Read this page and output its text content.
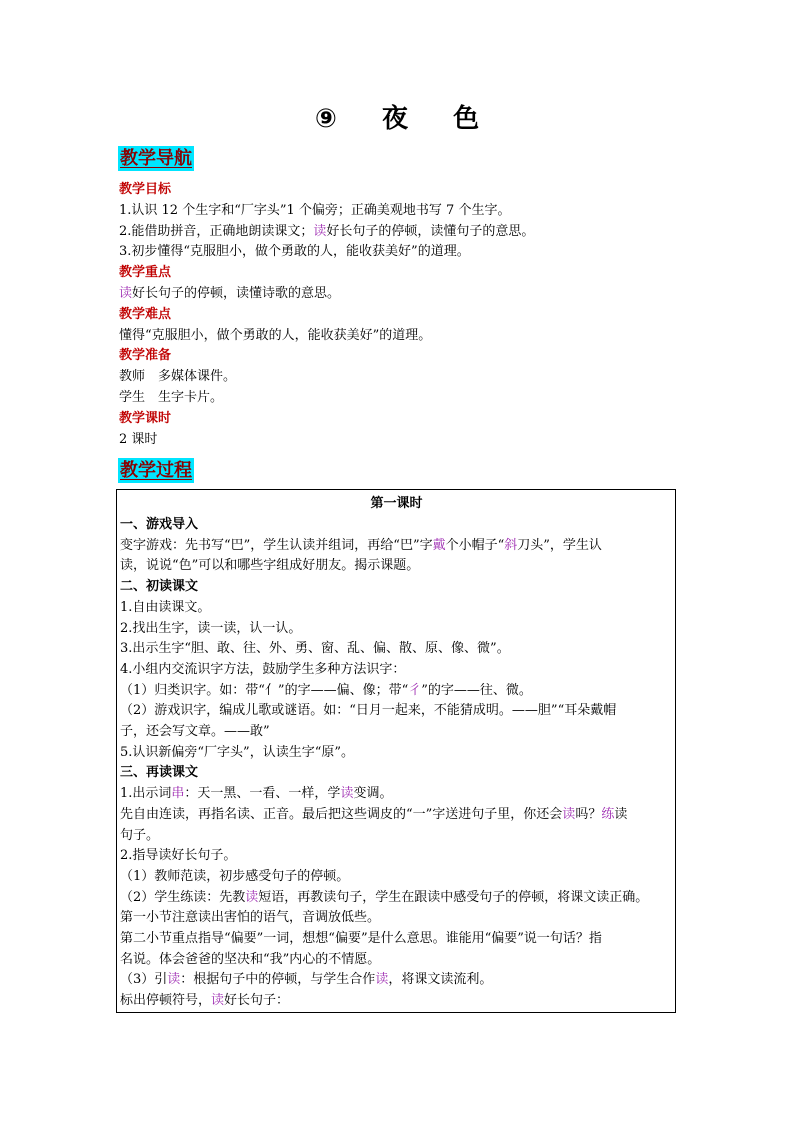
⑨ 夜 色
教学导航
教学目标
1.认识 12 个生字和“厂字头”1 个偏旁；正确美观地书写 7 个生字。
2.能借助拼音，正确地朗读课文；读好长句子的停顿，读懂句子的意思。
3.初步懂得“克服胆小，做个勇敢的人，能收获美好”的道理。
教学重点
读好长句子的停顿，读懂诗歌的意思。
教学难点
懂得“克服胆小，做个勇敢的人，能收获美好”的道理。
教学准备
教师　多媒体课件。
学生　生字卡片。
教学课时
2 课时
教学过程
第一课时
一、游戏导入
变字游戏：先书写“巴”，学生认读并组词，再给“巴”字戴个小帽子“斜刀头”，学生认
读，说说“色”可以和哪些字组成好朋友。揭示课题。
二、初读课文
1.自由读课文。
2.找出生字，读一读，认一认。
3.出示生字“胆、敢、往、外、勇、窗、乱、偏、散、原、像、微”。
4.小组内交流识字方法，鼓励学生多种方法识字：
（1）归类识字。如：带“亻”的字——偏、像；带“彳”的字——往、微。
（2）游戏识字，编成儿歌或谜语。如：“日月一起来，不能猜成明。——胆”“耳朵戴帽
子，还会写文章。——敢”
5.认识新偏旁“厂字头”，认读生字“原”。
三、再读课文
1.出示词串：天一黑、一看、一样，学读变调。
先自由连读，再指名读、正音。最后把这些调皮的“一”字送进句子里，你还会读吗？练读
句子。
2.指导读好长句子。
（1）教师范读，初步感受句子的停顿。
（2）学生练读：先教读短语，再教读句子，学生在跟读中感受句子的停顿，将课文读正确。
第一小节注意读出害怕的语气，音调放低些。
第二小节重点指导“偏要”一词，想想“偏要”是什么意思。谁能用“偏要”说一句话？指
名说。体会爸爸的坚决和“我”内心的不情愿。
（3）引读：根据句子中的停顿，与学生合作读，将课文读流利。
标出停顿符号，读好长句子：
